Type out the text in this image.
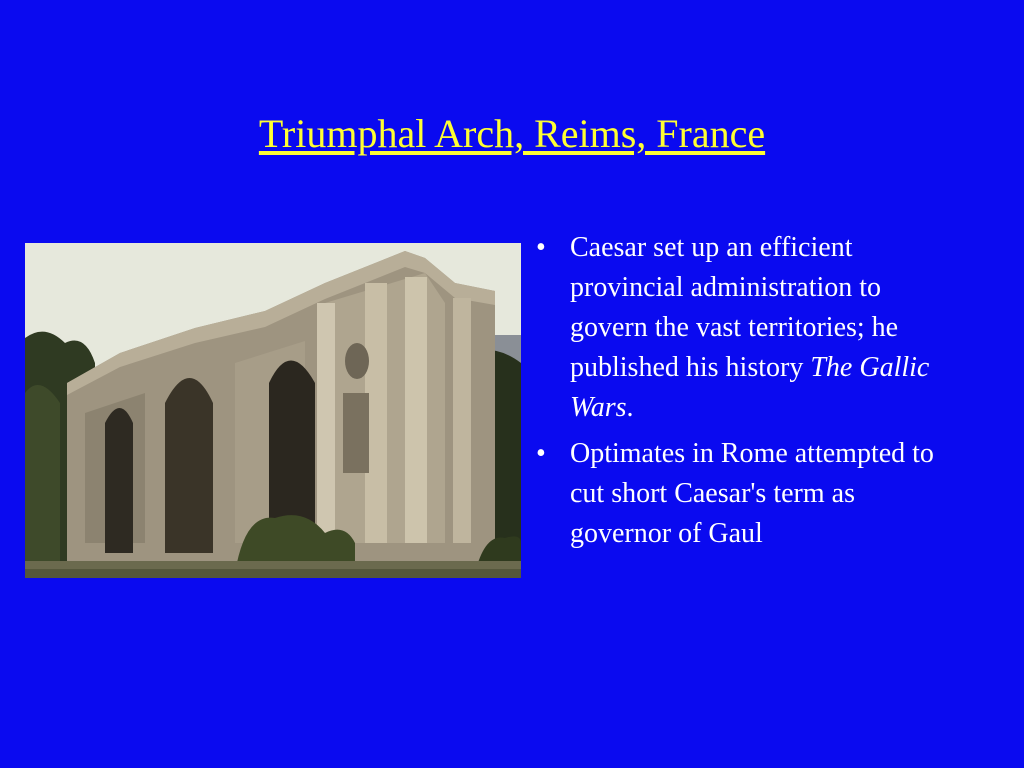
Triumphal Arch, Reims, France
• Caesar set up an efficient provincial administration to govern the vast territories; he published his history The Gallic Wars.
• Optimates in Rome attempted to cut short Caesar's term as governor of Gaul
